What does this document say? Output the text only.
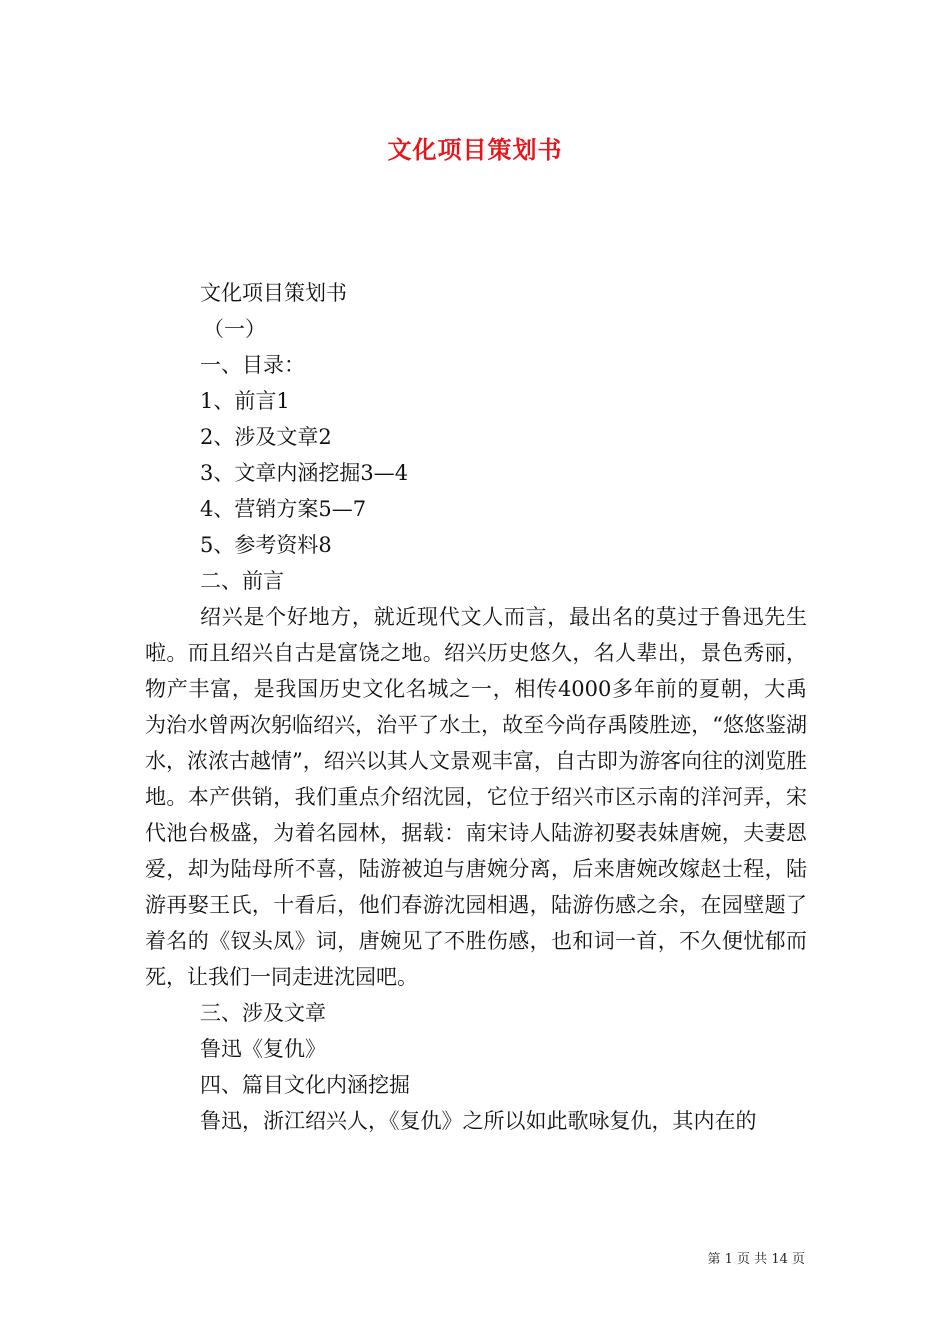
文化项目策划书
文化项目策划书
（一）
一、目录：
1、前言1
2、涉及文章2
3、文章内涵挖掘3—4
4、营销方案5—7
5、参考资料8
二、前言
绍兴是个好地方，就近现代文人而言，最出名的莫过于鲁迅先生啦。而且绍兴自古是富饶之地。绍兴历史悠久，名人辈出，景色秀丽，物产丰富，是我国历史文化名城之一，相传4000多年前的夏朝，大禹为治水曾两次躬临绍兴，治平了水土，故至今尚存禹陵胜迹，“悠悠鉴湖水，浓浓古越情”，绍兴以其人文景观丰富，自古即为游客向往的浏览胜地。本产供销，我们重点介绍沈园，它位于绍兴市区示南的洋河弄，宋代池台极盛，为着名园林，据载：南宋诗人陆游初娶表妹唐婉，夫妻恩爱，却为陆母所不喜，陆游被迫与唐婉分离，后来唐婉改嫁赵士程，陆游再娶王氏，十看后，他们春游沈园相遇，陆游伤感之余，在园壁题了着名的《钗头凤》词，唐婉见了不胜伤感，也和词一首，不久便忧郁而死，让我们一同走进沈园吧。
三、涉及文章
鲁迅《复仇》
四、篇目文化内涵挖掘
鲁迅，浙江绍兴人，《复仇》之所以如此歌咏复仇，其内在的
第 1 页 共 14 页
